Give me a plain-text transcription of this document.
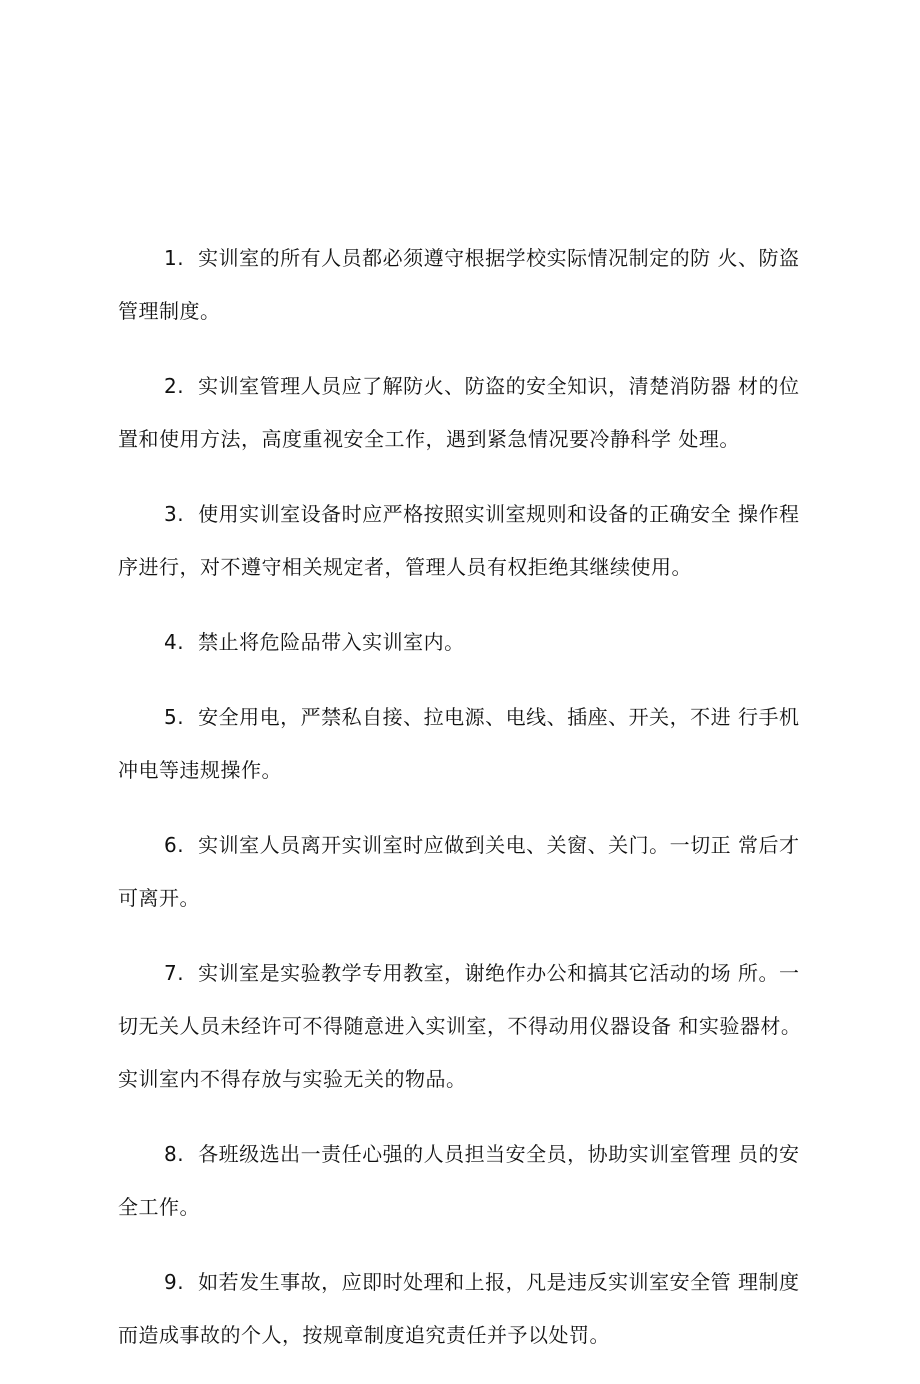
1. 实训室的所有人员都必须遵守根据学校实际情况制定的防 火、防盗管理制度。

2. 实训室管理人员应了解防火、防盗的安全知识，清楚消防器 材的位置和使用方法，高度重视安全工作，遇到紧急情况要冷静科学 处理。

3. 使用实训室设备时应严格按照实训室规则和设备的正确安全 操作程序进行，对不遵守相关规定者，管理人员有权拒绝其继续使用。

4. 禁止将危险品带入实训室内。

5. 安全用电，严禁私自接、拉电源、电线、插座、开关，不进 行手机冲电等违规操作。

6. 实训室人员离开实训室时应做到关电、关窗、关门。一切正 常后才可离开。

7. 实训室是实验教学专用教室，谢绝作办公和搞其它活动的场 所。一切无关人员未经许可不得随意进入实训室，不得动用仪器设备 和实验器材。实训室内不得存放与实验无关的物品。

8. 各班级选出一责任心强的人员担当安全员，协助实训室管理 员的安全工作。

9. 如若发生事故，应即时处理和上报，凡是违反实训室安全管 理制度而造成事故的个人，按规章制度追究责任并予以处罚。
